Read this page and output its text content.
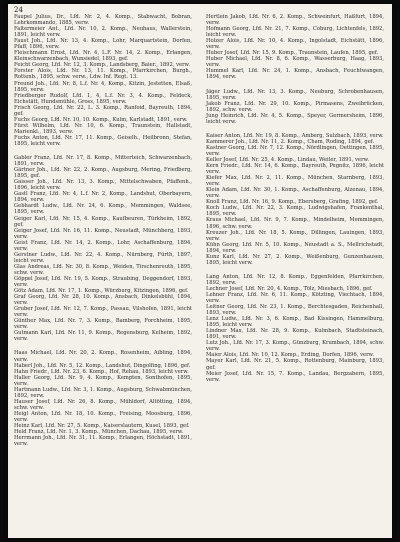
24

Faupel Julius, Dr., Lfd. Nr. 2, 4. Komp., Stabwacht, Bobran, Lehrkommando, 1885, verw.

Faltermeier Ant., Lfd. Nr. 10, 2. Komp., Neuhaus, Wallerstein, 1891, leicht verw.

Faust Joh., Lfd. Nr. 13, 4. Komp., Lohr, Marquartstein, Dorfen, Pfaff, 1896, verw.

Fleischmann Ernst, Lfd. Nr. 4, L.F. Nr. 14, 2. Komp., Erlangen, Kleinschwarzenbach, Wunsiedel, 1893, gef.

Feicht Georg, Lfd. Nr. 12, 3. Komp., Landsberg, Baier., 1892, verw.

Forster Alois, Lfd. Nr. 13, 11. Komp., Pfarrkirchen, Burgh., Rottenb., 1895, schw. verw., Ldw. Inf. Regt. 13.

Freund Joh., Lfd. Nr. 8, L.f. Nr. 4, Komp., Kitzin, Jestetten, Elsaß, 1895, verw.

Friedberger Rudolf, Lfd. 1, 4, L.f. Nr. 3, 4. Komp., Feldeck, Eichstätt, Hundsmühle, Gross, 1895, verw.

Frisch Georg, Lfd. Nr. 22, L. 3. Komp., Ranfoid, Bayreuth, 1894, gef.

Fuchs Georg, Lfd. Nr. 10, 10. Komp., Kulm, Karlstadt, 1891, verw.

Fürst Wilhelm, Lfd. Nr. 10, 6. Komp., Traunstein, Hallstadt, Marienkl., 1893, verw.

Fuchs Anton, Lfd. Nr. 17, 11. Komp., Geiselh., Heilbronn, Stefan, 1895, leicht verw.

Gabler Franz, Lfd. Nr. 17, 8. Komp., Mitterteich, Schwarzenbach, 1891, verw.

Gärtner Joh., Lfd. Nr. 22, 2. Komp., Augsburg, Mering, Friedberg, 1895, gef.

Gaisser Joh., Lfd. Nr. 13, 3. Komp., Mittelschwaben, Pfaffenh., 1896, leicht verw.

Gastl Franz, Lfd. Nr. 4, L.f. Nr. 2, Komp., Landshut, Oberbayern, 1894, verw.

Gebhardt Ludw., Lfd. Nr. 24, 6. Komp., Memmingen, Waldsee, 1895, verw.

Geiger Karl, Lfd. Nr. 15, 4. Komp., Kaufbeuren, Türkheim, 1892, gef.

Geiger Josef, Lfd. Nr. 16, 11. Komp., Neustadt, Münchberg, 1893, verw.

Geist Franz, Lfd. Nr. 14, 2. Komp., Lohr, Aschaffenburg, 1894, verw.

Gerstner Ludw., Lfd. Nr. 22, 4. Komp., Nürnberg, Fürth, 1897, leicht verw.

Glas Andreas, Lfd. Nr. 30, 8. Komp., Weiden, Tirschenreuth, 1895, schw. verw.

Göppel Josef, Lfd. Nr. 19, 5. Komp., Straubing, Deggendorf, 1893, verw.

Götz Adam, Lfd. Nr. 17, 1. Komp., Würzburg, Kitzingen, 1896, gef.

Graf Georg, Lfd. Nr. 28, 10. Komp., Ansbach, Dinkelsbühl, 1894, verw.

Gruber Josef, Lfd. Nr. 12, 7. Komp., Passau, Vilshofen, 1891, leicht verw.

Günther Max, Lfd. Nr. 7, 3. Komp., Bamberg, Forchheim, 1895, verw.

Gutmann Karl, Lfd. Nr. 11, 9. Komp., Regensburg, Kelheim, 1892, verw.

Haas Michael, Lfd. Nr. 20, 2. Komp., Rosenheim, Aibling, 1894, verw.

Haberl Joh., Lfd. Nr. 5, 12. Komp., Landshut, Dingolfing, 1896, gef.

Hahn Friedr., Lfd. Nr. 23, 6. Komp., Hof, Rehau, 1893, leicht verw.

Haller Georg, Lfd. Nr. 9, 4. Komp., Kempten, Sonthofen, 1895, verw.

Hartmann Ludw., Lfd. Nr. 3, 1. Komp., Augsburg, Schwabmünchen, 1892, verw.

Hauser Josef, Lfd. Nr. 26, 8. Komp., Mühldorf, Altötting, 1894, schw. verw.

Heigl Anton, Lfd. Nr. 18, 10. Komp., Freising, Moosburg, 1896, verw.

Heinz Karl, Lfd. Nr. 27, 5. Komp., Kaiserslautern, Kusel, 1893, gef.

Held Franz, Lfd. Nr. 1, 3. Komp., München, Dachau, 1895, verw.

Herrmann Joh., Lfd. Nr. 31, 11. Komp., Erlangen, Höchstadt, 1891, verw.

Hertlein Jakob, Lfd. Nr. 6, 2. Komp., Schweinfurt, Haßfurt, 1894, verw.

Hofmann Georg, Lfd. Nr. 21, 7. Komp., Coburg, Lichtenfels, 1892, leicht verw.

Holzer Alois, Lfd. Nr. 10, 4. Komp., Ingolstadt, Eichstätt, 1896, verw.

Huber Josef, Lfd. Nr. 15, 9. Komp., Traunstein, Laufen, 1895, gef.

Huber Michael, Lfd. Nr. 8, 6. Komp., Wasserburg, Haag, 1893, verw.

Hummel Karl, Lfd. Nr. 24, 1. Komp., Ansbach, Feuchtwangen, 1894, verw.

Jäger Ludw., Lfd. Nr. 13, 3. Komp., Neuburg, Schrobenhausen, 1895, verw.

Jakob Franz, Lfd. Nr. 29, 10. Komp., Pirmasens, Zweibrücken, 1892, schw. verw.

Jung Heinrich, Lfd. Nr. 4, 5. Komp., Speyer, Germersheim, 1896, leicht verw.

Kaiser Anton, Lfd. Nr. 19, 8. Komp., Amberg, Sulzbach, 1893, verw.

Kammerer Joh., Lfd. Nr. 11, 2. Komp., Cham, Roding, 1894, gef.

Kastner Georg, Lfd. Nr. 7, 12. Komp., Nördlingen, Oettingen, 1895, verw.

Keller Josef, Lfd. Nr. 25, 4. Komp., Lindau, Weiler, 1891, verw.

Kern Friedr., Lfd. Nr. 14, 6. Komp., Bayreuth, Pegnitz, 1896, leicht verw.

Kiefer Max, Lfd. Nr. 2, 11. Komp., München, Starnberg, 1893, verw.

Klein Adam, Lfd. Nr. 30, 1. Komp., Aschaffenburg, Alzenau, 1894, verw.

Knoll Franz, Lfd. Nr. 16, 9. Komp., Ebersberg, Grafing, 1892, gef.

Koch Ludw., Lfd. Nr. 22, 3. Komp., Ludwigshafen, Frankenthal, 1895, verw.

Kraus Michael, Lfd. Nr. 9, 7. Komp., Mindelheim, Memmingen, 1896, schw. verw.

Kreuzer Joh., Lfd. Nr. 18, 5. Komp., Dillingen, Lauingen, 1893, verw.

Kühn Georg, Lfd. Nr. 5, 10. Komp., Neustadt a. S., Mellrichstadt, 1894, verw.

Kunz Karl, Lfd. Nr. 27, 2. Komp., Weißenburg, Gunzenhausen, 1895, leicht verw.

Lang Anton, Lfd. Nr. 12, 8. Komp., Eggenfelden, Pfarrkirchen, 1892, verw.

Lechner Josef, Lfd. Nr. 20, 4. Komp., Tölz, Miesbach, 1896, gef.

Lehner Franz, Lfd. Nr. 6, 11. Komp., Kötzting, Viechtach, 1894, verw.

Leitner Georg, Lfd. Nr. 23, 1. Komp., Berchtesgaden, Reichenhall, 1893, verw.

Lenz Ludw., Lfd. Nr. 3, 6. Komp., Bad Kissingen, Hammelburg, 1895, leicht verw.

Lindner Max, Lfd. Nr. 28, 9. Komp., Kulmbach, Stadtsteinach, 1891, verw.

Lutz Joh., Lfd. Nr. 17, 3. Komp., Günzburg, Krumbach, 1894, schw. verw.

Maier Alois, Lfd. Nr. 10, 12. Komp., Erding, Dorfen, 1896, verw.

Mayer Karl, Lfd. Nr. 21, 5. Komp., Rottenburg, Mainburg, 1893, gef.

Meier Josef, Lfd. Nr. 15, 7. Komp., Landau, Bergzabern, 1895, verw.
